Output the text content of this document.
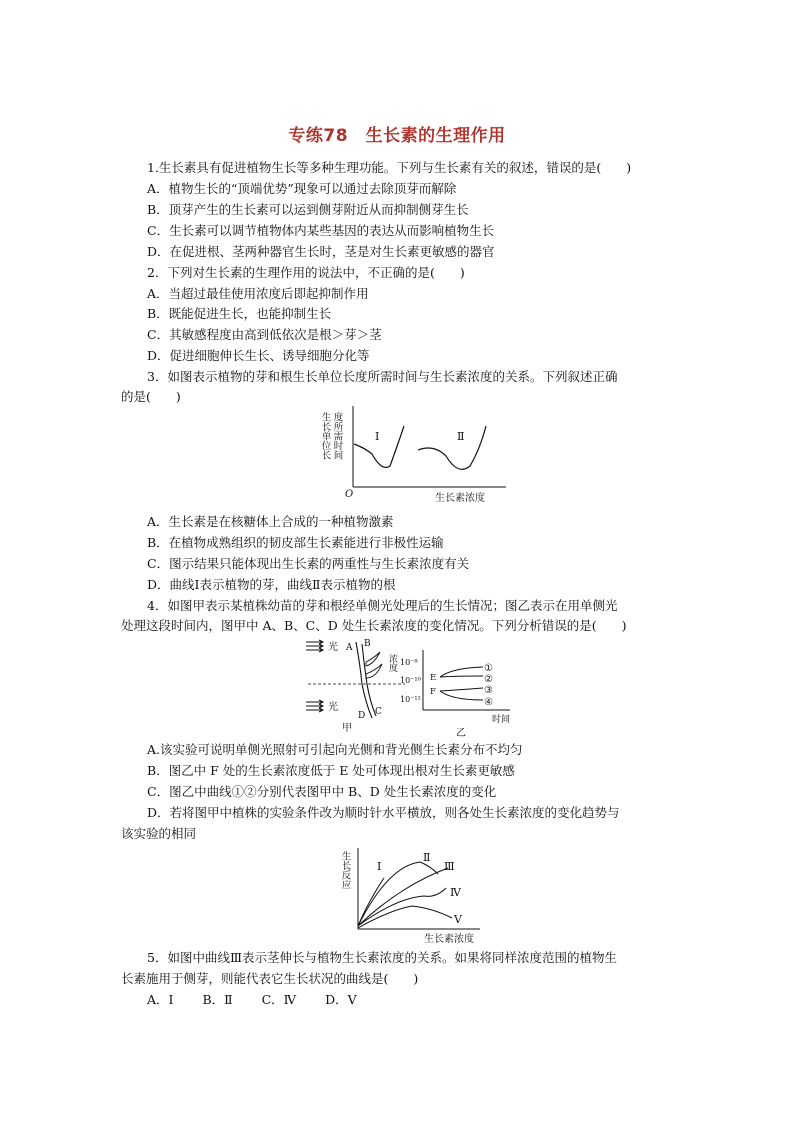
专练78　生长素的生理作用
1.生长素具有促进植物生长等多种生理功能。下列与生长素有关的叙述，错误的是(　　)
A．植物生长的“顶端优势”现象可以通过去除顶芽而解除
B．顶芽产生的生长素可以运到侧芽附近从而抑制侧芽生长
C．生长素可以调节植物体内某些基因的表达从而影响植物生长
D．在促进根、茎两种器官生长时，茎是对生长素更敏感的器官
2．下列对生长素的生理作用的说法中，不正确的是(　　)
A．当超过最佳使用浓度后即起抑制作用
B．既能促进生长，也能抑制生长
C．其敏感程度由高到低依次是根＞芽＞茎
D．促进细胞伸长生长、诱导细胞分化等
3．如图表示植物的芽和根生长单位长度所需时间与生长素浓度的关系。下列叙述正确
的是(　　)
生长单位长 度所需时间
O	生长素浓度
Ⅰ	Ⅱ
A．生长素是在核糖体上合成的一种植物激素
B．在植物成熟组织的韧皮部生长素能进行非极性运输
C．图示结果只能体现出生长素的两重性与生长素浓度有关
D．曲线Ⅰ表示植物的芽，曲线Ⅱ表示植物的根
4．如图甲表示某植株幼苗的芽和根经单侧光处理后的生长情况；图乙表示在用单侧光
处理这段时间内，图甲中 A、B、C、D 处生长素浓度的变化情况。下列分析错误的是(　　)
光
光
A B
C
D
甲
浓度 10⁻⁸
10⁻¹⁰
10⁻¹²
E
F
①
②
③
④
时间
乙
A.该实验可说明单侧光照射可引起向光侧和背光侧生长素分布不均匀
B．图乙中 F 处的生长素浓度低于 E 处可体现出根对生长素更敏感
C．图乙中曲线①②分别代表图甲中 B、D 处生长素浓度的变化
D．若将图甲中植株的实验条件改为顺时针水平横放，则各处生长素浓度的变化趋势与
该实验的相同
生长反应
生长素浓度
Ⅰ
Ⅱ
Ⅲ
Ⅳ
Ⅴ
5．如图中曲线Ⅲ表示茎伸长与植物生长素浓度的关系。如果将同样浓度范围的植物生
长素施用于侧芽，则能代表它生长状况的曲线是(　　)
A．Ⅰ　　 B．Ⅱ　　 C．Ⅳ　　 D．Ⅴ
